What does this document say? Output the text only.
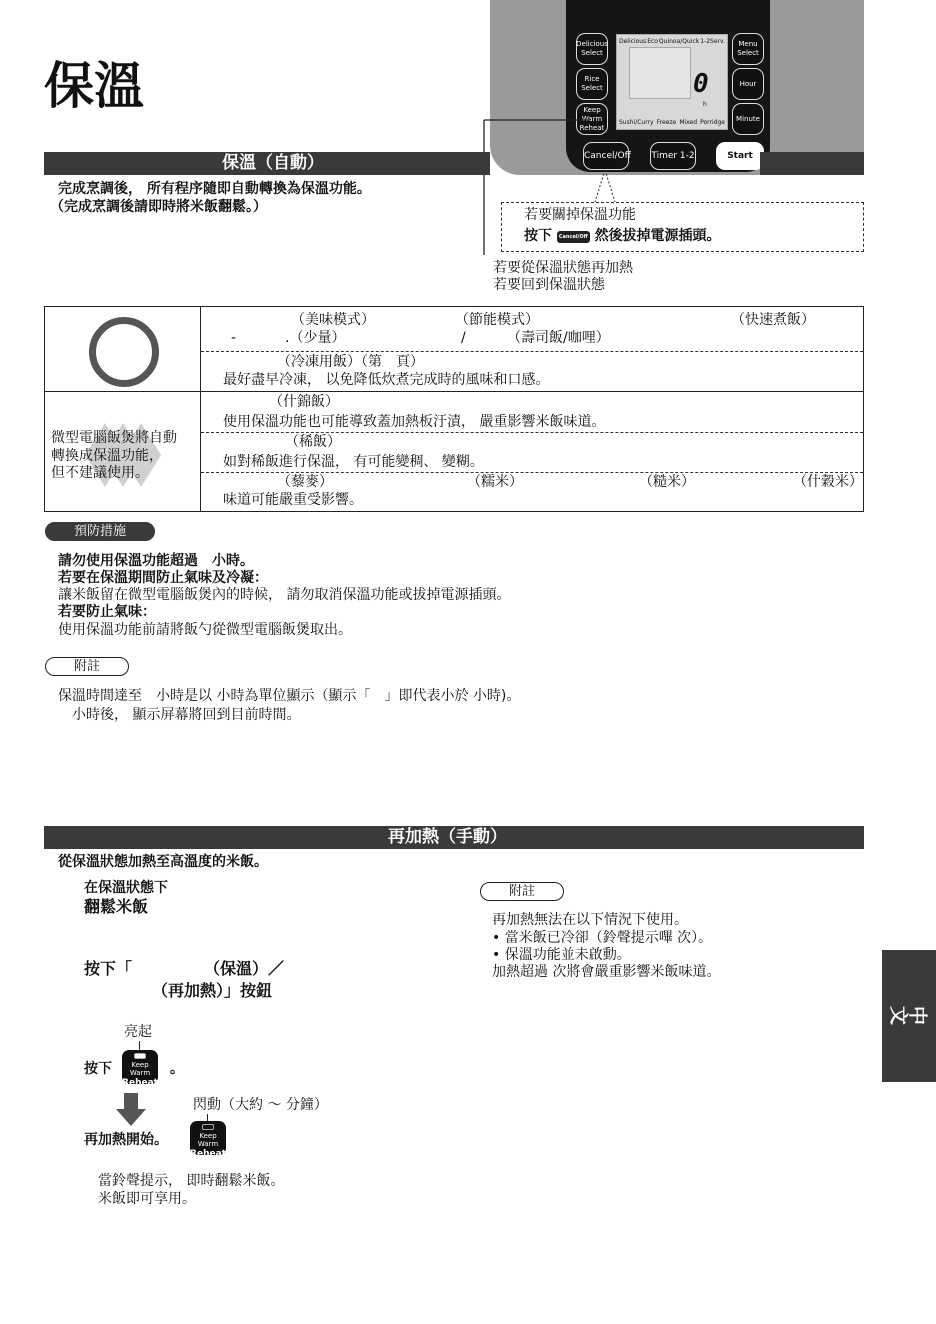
保溫
Delicious Select
Rice Select
Keep Warm Reheat
Menu Select
Hour
Minute
Delicious Eco Quinoa/Quick 1-2Serv.
0
h
Sushi/Curry Freeze Mixed Porridge
Cancel/Off Timer 1-2	Start
保溫（自動）
完成烹調後， 所有程序隨即自動轉換為保溫功能。
（完成烹調後請即時將米飯翻鬆。）	若要關掉保溫功能
按下 Cancel/Off 然後拔掉電源插頭。
若要從保溫狀態再加熱
若要回到保溫狀態
（美味模式）	（節能模式）	（快速煮飯）
-	.（少量）	/	（壽司飯/咖哩）
（冷凍用飯）（第　頁）
最好盡早冷凍， 以免降低炊煮完成時的風味和口感。
微型電腦飯煲將自動
轉換成保溫功能，
但不建議使用。
（什錦飯）
使用保溫功能也可能導致蓋加熱板汙漬， 嚴重影響米飯味道。
（稀飯）
如對稀飯進行保溫， 有可能變稠、 變糊。
（藜麥）	（糯米）	（糙米）	（什穀米）
味道可能嚴重受影響。
預防措施
請勿使用保溫功能超過　小時。
若要在保溫期間防止氣味及冷凝：
讓米飯留在微型電腦飯煲內的時候， 請勿取消保溫功能或拔掉電源插頭。
若要防止氣味：
使用保溫功能前請將飯勺從微型電腦飯煲取出。
附註
保溫時間達至　小時是以 小時為單位顯示（顯示「　」即代表小於 小時)。
　小時後， 顯示屏幕將回到目前時間。
再加熱（手動）
從保溫狀態加熱至高溫度的米飯。
在保溫狀態下
翻鬆米飯
按下「　　　　　（保溫）／
（再加熱）」按鈕
亮起
按下	Keep Warm
Reheat
。
閃動（大約 ～ 分鐘）
再加熱開始。	Keep Warm
Reheat
當鈴聲提示， 即時翻鬆米飯。
米飯即可享用。
附註
再加熱無法在以下情況下使用。
• 當米飯已冷卻（鈴聲提示嗶 次）。
• 保溫功能並未啟動。
加熱超過 次將會嚴重影響米飯味道。
中文
